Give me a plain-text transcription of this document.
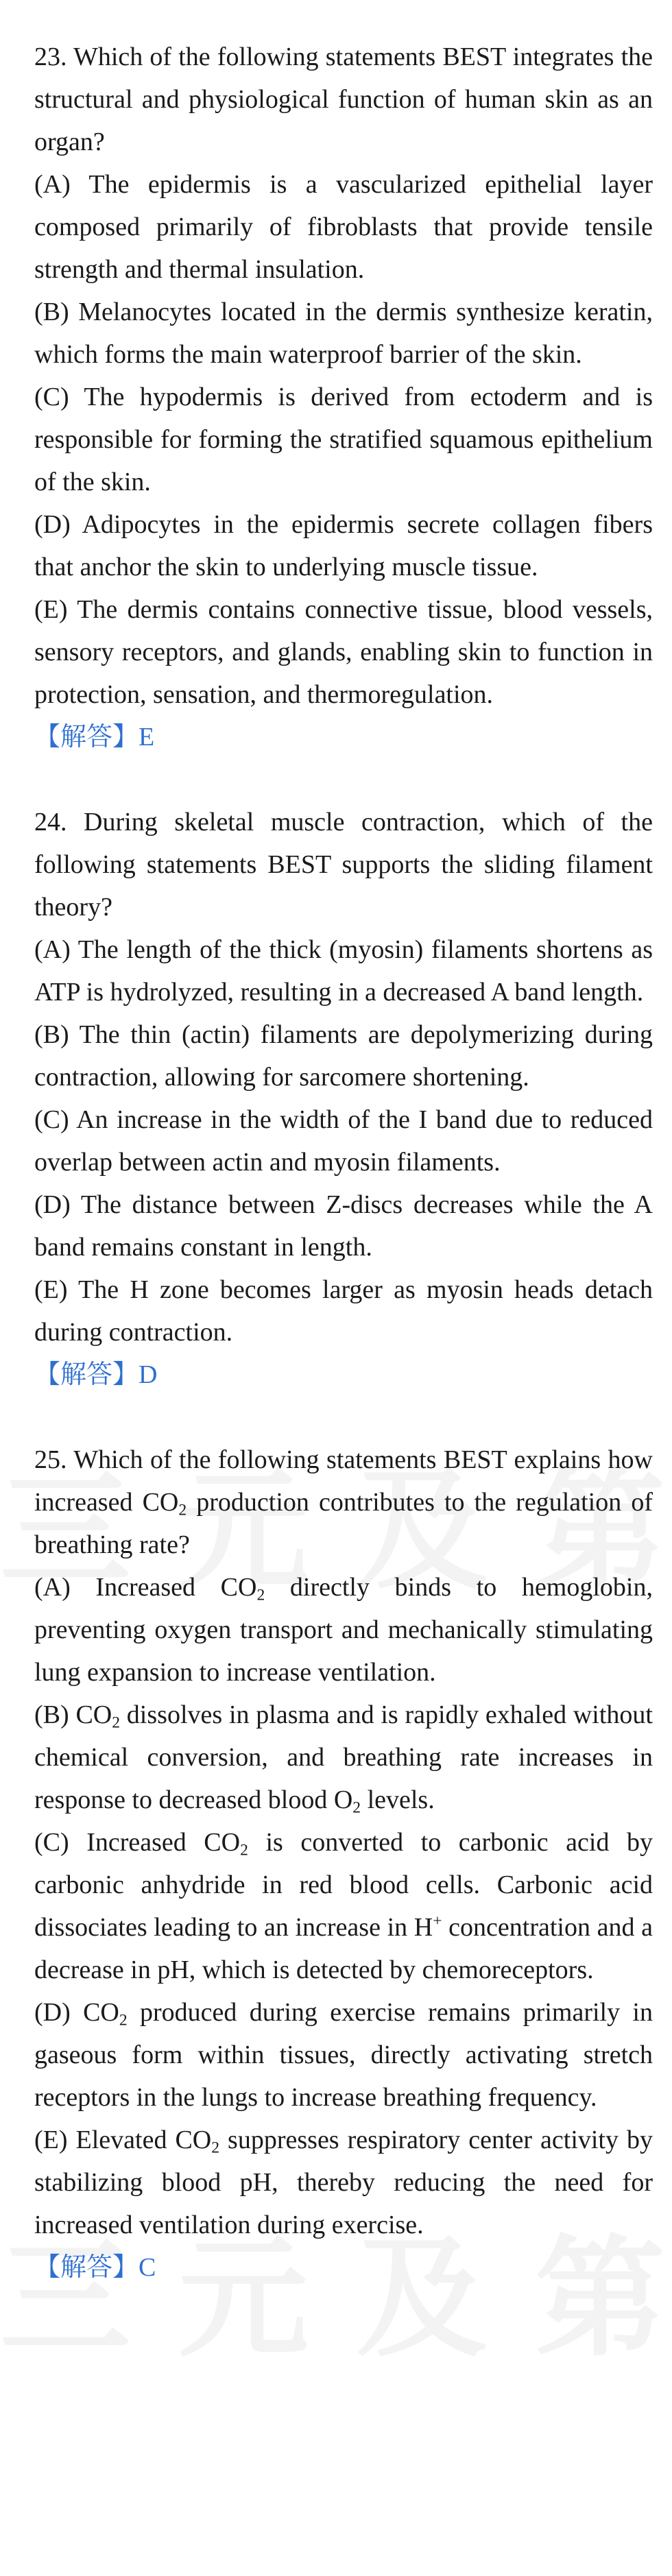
23. Which of the following statements BEST integrates the structural and physiological function of human skin as an organ?

(A) The epidermis is a vascularized epithelial layer composed primarily of fibroblasts that provide tensile strength and thermal insulation.

(B) Melanocytes located in the dermis synthesize keratin, which forms the main waterproof barrier of the skin.

(C) The hypodermis is derived from ectoderm and is responsible for forming the stratified squamous epithelium of the skin.

(D) Adipocytes in the epidermis secrete collagen fibers that anchor the skin to underlying muscle tissue.

(E) The dermis contains connective tissue, blood vessels, sensory receptors, and glands, enabling skin to function in protection, sensation, and thermoregulation.

【解答】E

24. During skeletal muscle contraction, which of the following statements BEST supports the sliding filament theory?

(A) The length of the thick (myosin) filaments shortens as ATP is hydrolyzed, resulting in a decreased A band length.

(B) The thin (actin) filaments are depolymerizing during contraction, allowing for sarcomere shortening.

(C) An increase in the width of the I band due to reduced overlap between actin and myosin filaments.

(D) The distance between Z-discs decreases while the A band remains constant in length.

(E) The H zone becomes larger as myosin heads detach during contraction.

【解答】D

25. Which of the following statements BEST explains how increased $CO_2$ production contributes to the regulation of breathing rate?

(A) Increased $CO_2$ directly binds to hemoglobin, preventing oxygen transport and mechanically stimulating lung expansion to increase ventilation.

(B) $CO_2$ dissolves in plasma and is rapidly exhaled without chemical conversion, and breathing rate increases in response to decreased blood $O_2$ levels.

(C) Increased $CO_2$ is converted to carbonic acid by carbonic anhydride in red blood cells. Carbonic acid dissociates leading to an increase in H+ concentration and a decrease in pH, which is detected by chemoreceptors.

(D) $CO_2$ produced during exercise remains primarily in gaseous form within tissues, directly activating stretch receptors in the lungs to increase breathing frequency.

(E) Elevated $CO_2$ suppresses respiratory center activity by stabilizing blood pH, thereby reducing the need for increased ventilation during exercise.

【解答】C
